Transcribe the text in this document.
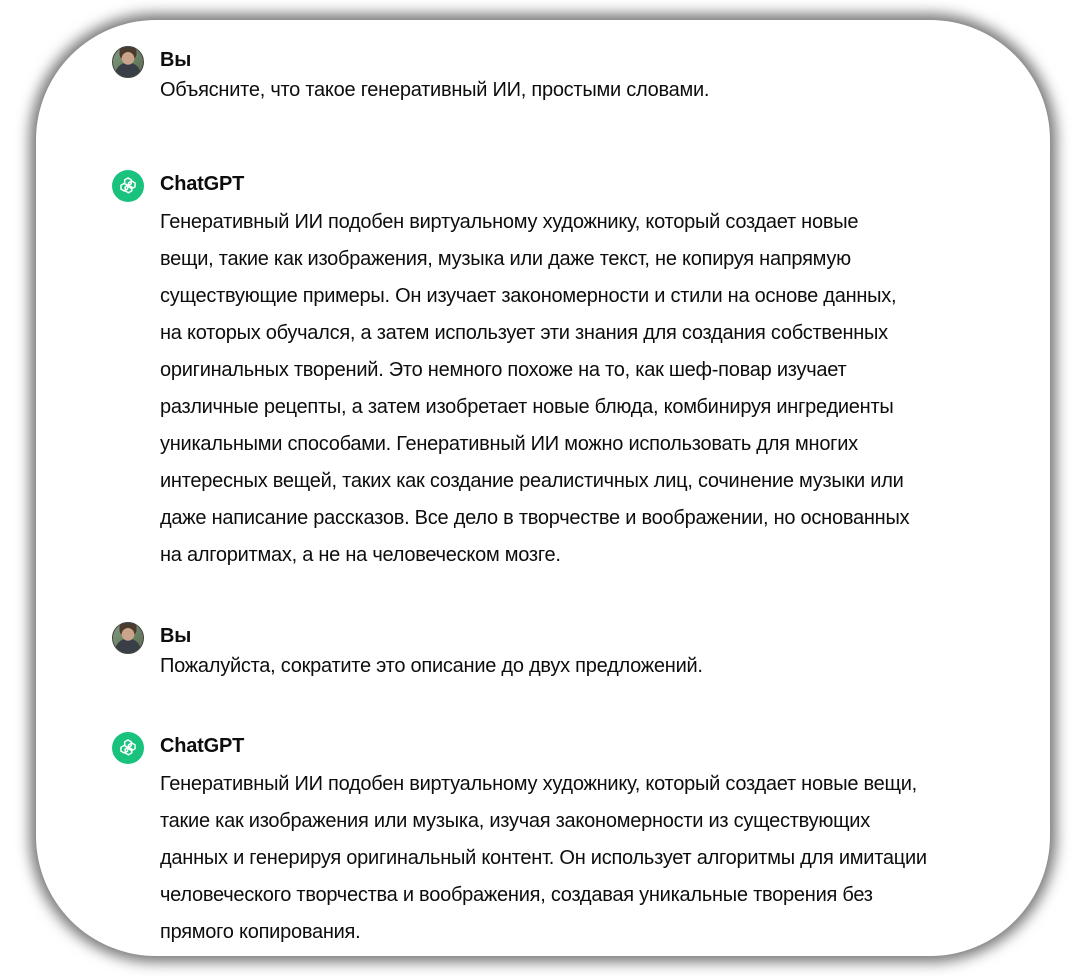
Вы
Объясните, что такое генеративный ИИ, простыми словами.
ChatGPT
Генеративный ИИ подобен виртуальному художнику, который создает новые
вещи, такие как изображения, музыка или даже текст, не копируя напрямую
существующие примеры. Он изучает закономерности и стили на основе данных,
на которых обучался, а затем использует эти знания для создания собственных
оригинальных творений. Это немного похоже на то, как шеф-повар изучает
различные рецепты, а затем изобретает новые блюда, комбинируя ингредиенты
уникальными способами. Генеративный ИИ можно использовать для многих
интересных вещей, таких как создание реалистичных лиц, сочинение музыки или
даже написание рассказов. Все дело в творчестве и воображении, но основанных
на алгоритмах, а не на человеческом мозге.
Вы
Пожалуйста, сократите это описание до двух предложений.
ChatGPT
Генеративный ИИ подобен виртуальному художнику, который создает новые вещи,
такие как изображения или музыка, изучая закономерности из существующих
данных и генерируя оригинальный контент. Он использует алгоритмы для имитации
человеческого творчества и воображения, создавая уникальные творения без
прямого копирования.
